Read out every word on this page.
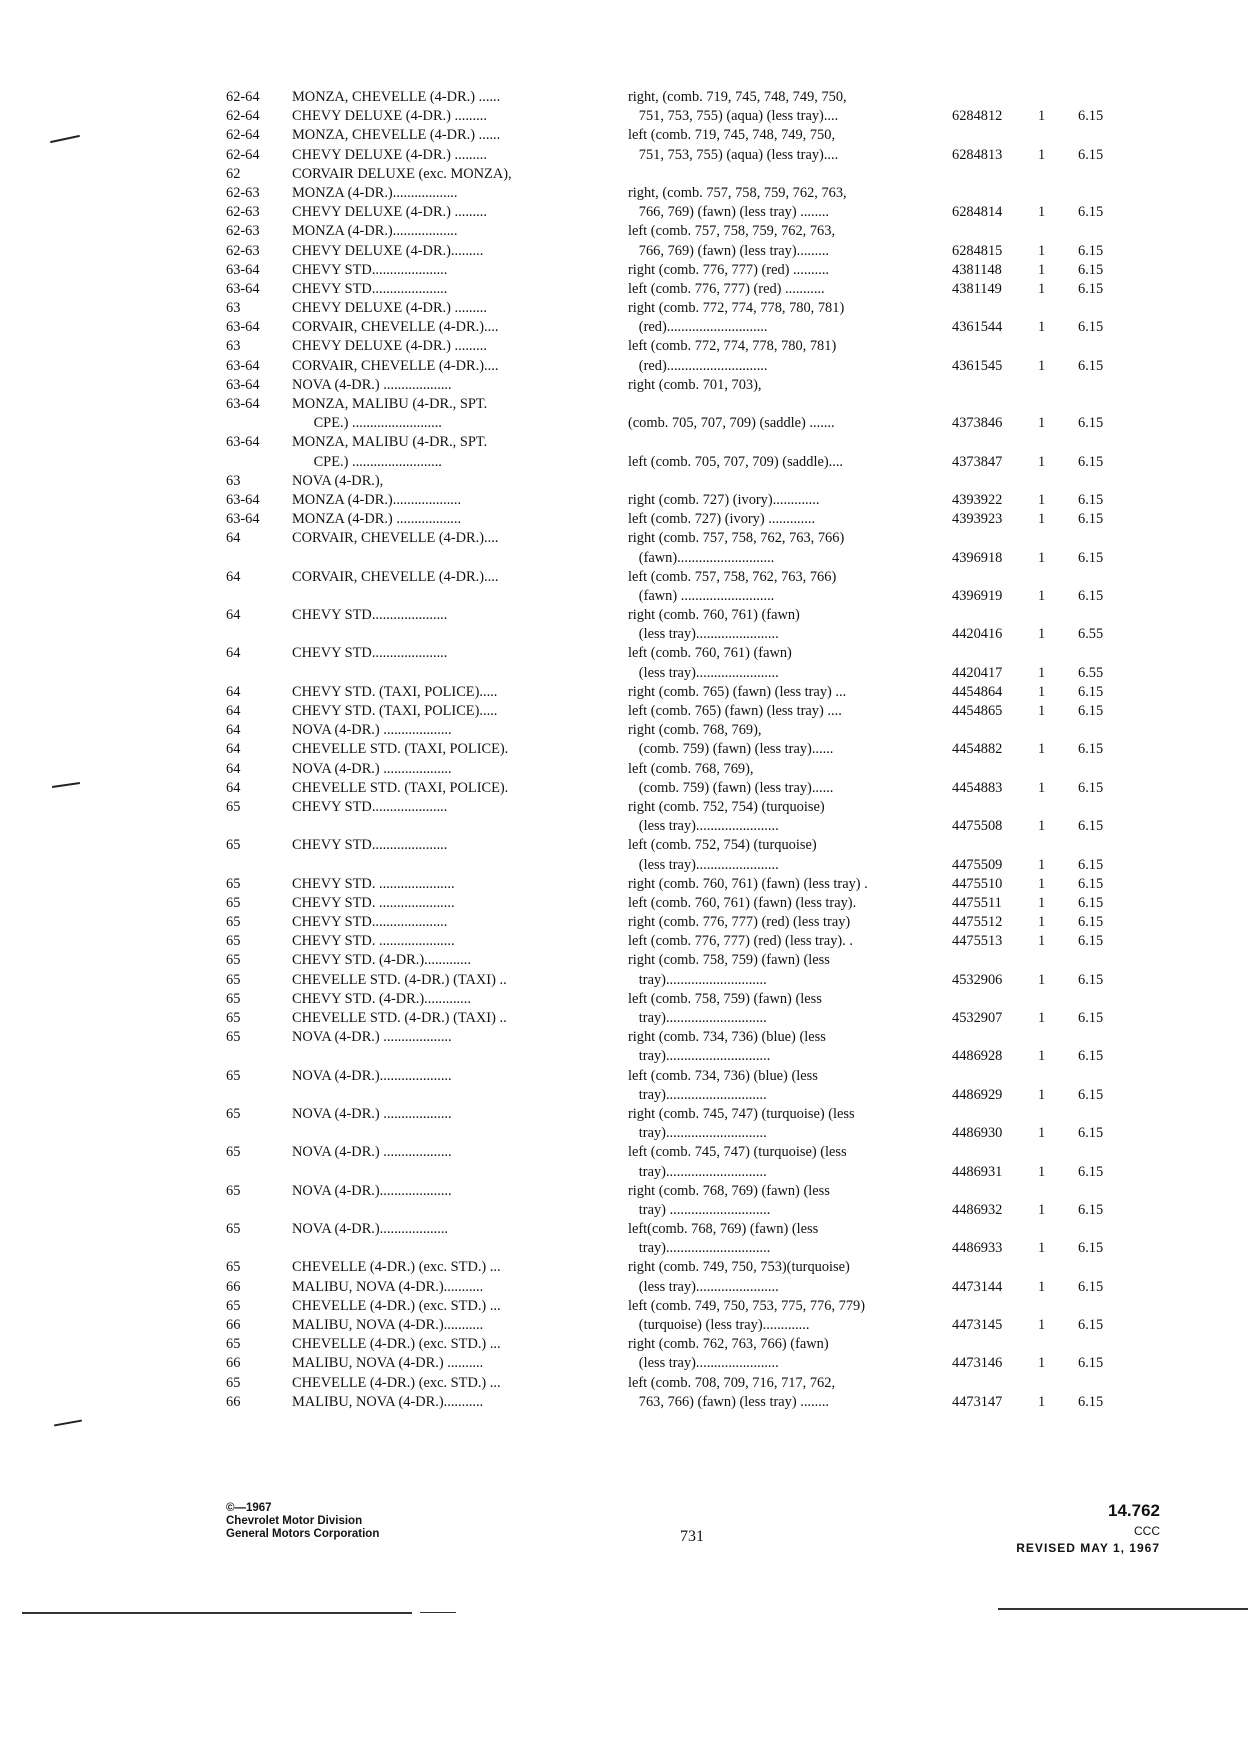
62-64	MONZA, CHEVELLE (4-DR.) ......	right, (comb. 719, 745, 748, 749, 750,
62-64	CHEVY DELUXE (4-DR.) .........	751, 753, 755) (aqua) (less tray)....	6284812	1	6.15
62-64	MONZA, CHEVELLE (4-DR.) ......	left (comb. 719, 745, 748, 749, 750,
62-64	CHEVY DELUXE (4-DR.) .........	751, 753, 755) (aqua) (less tray)....	6284813	1	6.15
62	CORVAIR DELUXE (exc. MONZA),
62-63	MONZA (4-DR.)..................	right, (comb. 757, 758, 759, 762, 763,
62-63	CHEVY DELUXE (4-DR.) .........	766, 769) (fawn) (less tray) ........	6284814	1	6.15
62-63	MONZA (4-DR.)..................	left (comb. 757, 758, 759, 762, 763,
62-63	CHEVY DELUXE (4-DR.).........	766, 769) (fawn) (less tray).........	6284815	1	6.15
63-64	CHEVY STD.....................	right (comb. 776, 777) (red) ..........	4381148	1	6.15
63-64	CHEVY STD.....................	left (comb. 776, 777) (red) ...........	4381149	1	6.15
63	CHEVY DELUXE (4-DR.) .........	right (comb. 772, 774, 778, 780, 781)
63-64	CORVAIR, CHEVELLE (4-DR.)....	(red)............................	4361544	1	6.15
63	CHEVY DELUXE (4-DR.) .........	left (comb. 772, 774, 778, 780, 781)
63-64	CORVAIR, CHEVELLE (4-DR.)....	(red)............................	4361545	1	6.15
63-64	NOVA (4-DR.) ...................	right (comb. 701, 703),
63-64	MONZA, MALIBU (4-DR., SPT.
CPE.) .........................	(comb. 705, 707, 709) (saddle) .......	4373846	1	6.15
63-64	MONZA, MALIBU (4-DR., SPT.
CPE.) .........................	left (comb. 705, 707, 709) (saddle)....	4373847	1	6.15
63	NOVA (4-DR.),
63-64	MONZA (4-DR.)...................	right (comb. 727) (ivory).............	4393922	1	6.15
63-64	MONZA (4-DR.) ..................	left (comb. 727) (ivory) .............	4393923	1	6.15
64	CORVAIR, CHEVELLE (4-DR.)....	right (comb. 757, 758, 762, 763, 766)
(fawn)...........................	4396918	1	6.15
64	CORVAIR, CHEVELLE (4-DR.)....	left (comb. 757, 758, 762, 763, 766)
(fawn) ..........................	4396919	1	6.15
64	CHEVY STD.....................	right (comb. 760, 761) (fawn)
(less tray).......................	4420416	1	6.55
64	CHEVY STD.....................	left (comb. 760, 761) (fawn)
(less tray).......................	4420417	1	6.55
64	CHEVY STD. (TAXI, POLICE).....	right (comb. 765) (fawn) (less tray) ...	4454864	1	6.15
64	CHEVY STD. (TAXI, POLICE).....	left (comb. 765) (fawn) (less tray) ....	4454865	1	6.15
64	NOVA (4-DR.) ...................	right (comb. 768, 769),
64	CHEVELLE STD. (TAXI, POLICE).	(comb. 759) (fawn) (less tray)......	4454882	1	6.15
64	NOVA (4-DR.) ...................	left (comb. 768, 769),
64	CHEVELLE STD. (TAXI, POLICE).	(comb. 759) (fawn) (less tray)......	4454883	1	6.15
65	CHEVY STD.....................	right (comb. 752, 754) (turquoise)
(less tray).......................	4475508	1	6.15
65	CHEVY STD.....................	left (comb. 752, 754) (turquoise)
(less tray).......................	4475509	1	6.15
65	CHEVY STD. .....................	right (comb. 760, 761) (fawn) (less tray) .	4475510	1	6.15
65	CHEVY STD. .....................	left (comb. 760, 761) (fawn) (less tray).	4475511	1	6.15
65	CHEVY STD.....................	right (comb. 776, 777) (red) (less tray)	4475512	1	6.15
65	CHEVY STD. .....................	left (comb. 776, 777) (red) (less tray). .	4475513	1	6.15
65	CHEVY STD. (4-DR.).............	right (comb. 758, 759) (fawn) (less
65	CHEVELLE STD. (4-DR.) (TAXI) ..	tray)............................	4532906	1	6.15
65	CHEVY STD. (4-DR.).............	left (comb. 758, 759) (fawn) (less
65	CHEVELLE STD. (4-DR.) (TAXI) ..	tray)............................	4532907	1	6.15
65	NOVA (4-DR.) ...................	right (comb. 734, 736) (blue) (less
tray).............................	4486928	1	6.15
65	NOVA (4-DR.)....................	left (comb. 734, 736) (blue) (less
tray)............................	4486929	1	6.15
65	NOVA (4-DR.) ...................	right (comb. 745, 747) (turquoise) (less
tray)............................	4486930	1	6.15
65	NOVA (4-DR.) ...................	left (comb. 745, 747) (turquoise) (less
tray)............................	4486931	1	6.15
65	NOVA (4-DR.)....................	right (comb. 768, 769) (fawn) (less
tray) ............................	4486932	1	6.15
65	NOVA (4-DR.)...................	left(comb. 768, 769) (fawn) (less
tray).............................	4486933	1	6.15
65	CHEVELLE (4-DR.) (exc. STD.) ...	right (comb. 749, 750, 753)(turquoise)
66	MALIBU, NOVA (4-DR.)...........	(less tray).......................	4473144	1	6.15
65	CHEVELLE (4-DR.) (exc. STD.) ...	left (comb. 749, 750, 753, 775, 776, 779)
66	MALIBU, NOVA (4-DR.)...........	(turquoise) (less tray).............	4473145	1	6.15
65	CHEVELLE (4-DR.) (exc. STD.) ...	right (comb. 762, 763, 766) (fawn)
66	MALIBU, NOVA (4-DR.) ..........	(less tray).......................	4473146	1	6.15
65	CHEVELLE (4-DR.) (exc. STD.) ...	left (comb. 708, 709, 716, 717, 762,
66	MALIBU, NOVA (4-DR.)...........	763, 766) (fawn) (less tray) ........	4473147	1	6.15
©—1967
Chevrolet Motor Division
General Motors Corporation	731
14.762
CCC
REVISED MAY 1, 1967
